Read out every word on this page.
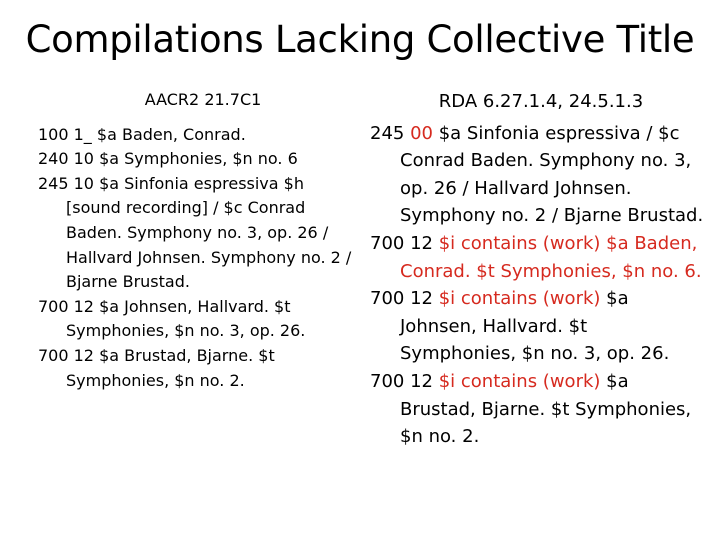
Compilations Lacking Collective Title
AACR2 21.7C1

100 1_ $a Baden, Conrad.

240 10 $a Symphonies, $n no. 6

245 10 $a Sinfonia espressiva $h [sound recording] / $c Conrad Baden. Symphony no. 3, op. 26 / Hallvard Johnsen. Symphony no. 2 / Bjarne Brustad.

700 12 $a Johnsen, Hallvard. $t Symphonies, $n no. 3, op. 26.

700 12 $a Brustad, Bjarne. $t Symphonies, $n no. 2.

RDA 6.27.1.4, 24.5.1.3

245 00 $a Sinfonia espressiva / $c Conrad Baden. Symphony no. 3, op. 26 / Hallvard Johnsen. Symphony no. 2 / Bjarne Brustad.

700 12 $i contains (work) $a Baden, Conrad. $t Symphonies, $n no. 6.

700 12 $i contains (work) $a Johnsen, Hallvard. $t Symphonies, $n no. 3, op. 26.

700 12 $i contains (work) $a Brustad, Bjarne. $t Symphonies, $n no. 2.
